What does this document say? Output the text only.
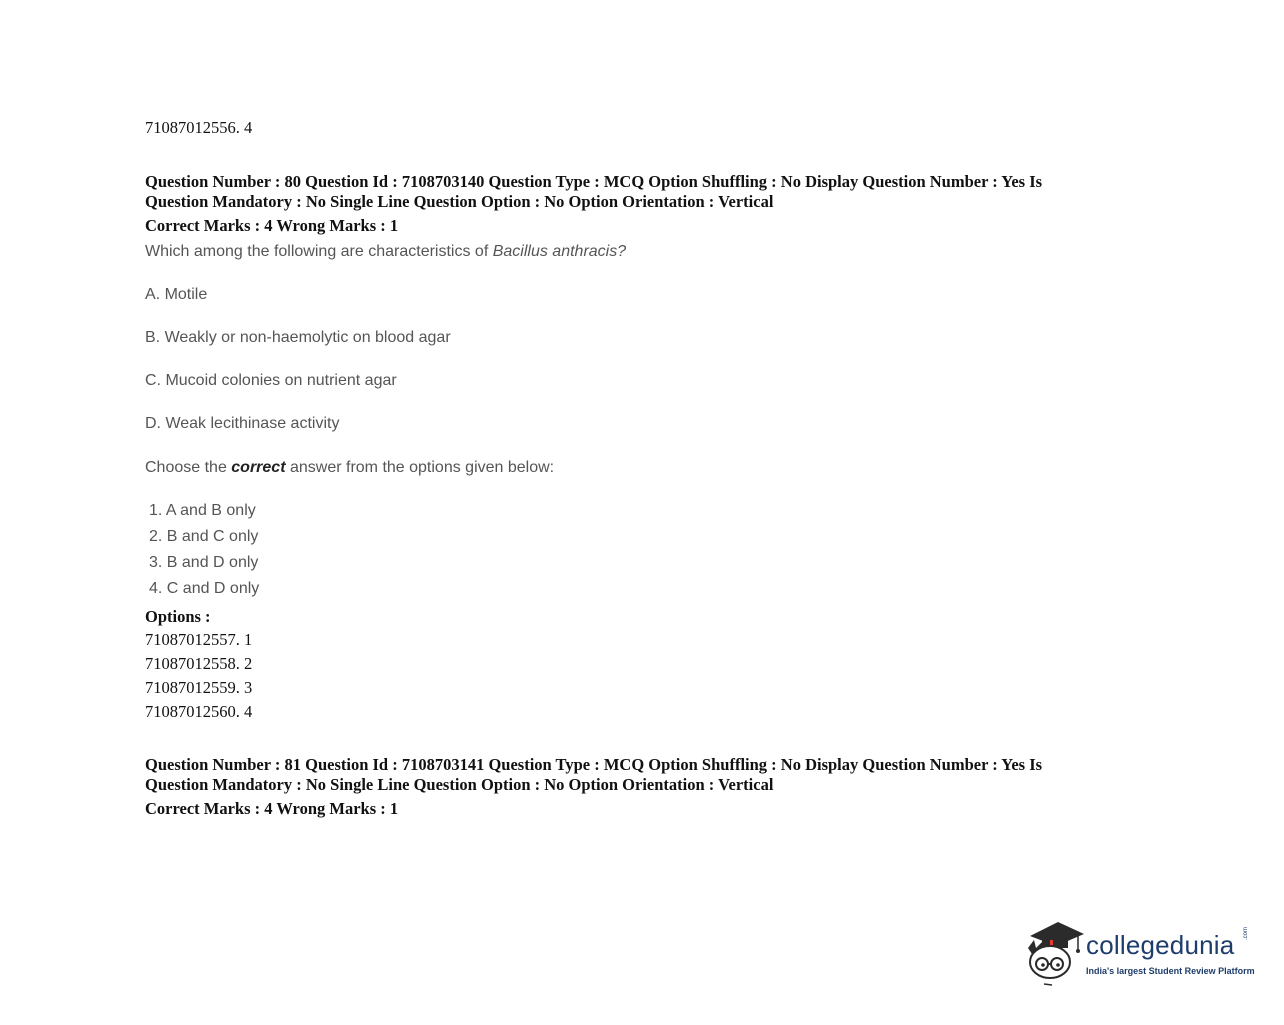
71087012556. 4
Question Number : 80 Question Id : 7108703140 Question Type : MCQ Option Shuffling : No Display Question Number : Yes Is
Question Mandatory : No Single Line Question Option : No Option Orientation : Vertical
Correct Marks : 4 Wrong Marks : 1
Which among the following are characteristics of Bacillus anthracis?
A. Motile
B. Weakly or non-haemolytic on blood agar
C. Mucoid colonies on nutrient agar
D. Weak lecithinase activity
Choose the correct answer from the options given below:
1. A and B only
2. B and C only
3. B and D only
4. C and D only
Options :
71087012557. 1
71087012558. 2
71087012559. 3
71087012560. 4
Question Number : 81 Question Id : 7108703141 Question Type : MCQ Option Shuffling : No Display Question Number : Yes Is
Question Mandatory : No Single Line Question Option : No Option Orientation : Vertical
Correct Marks : 4 Wrong Marks : 1
collegedunia .com
India's largest Student Review Platform
